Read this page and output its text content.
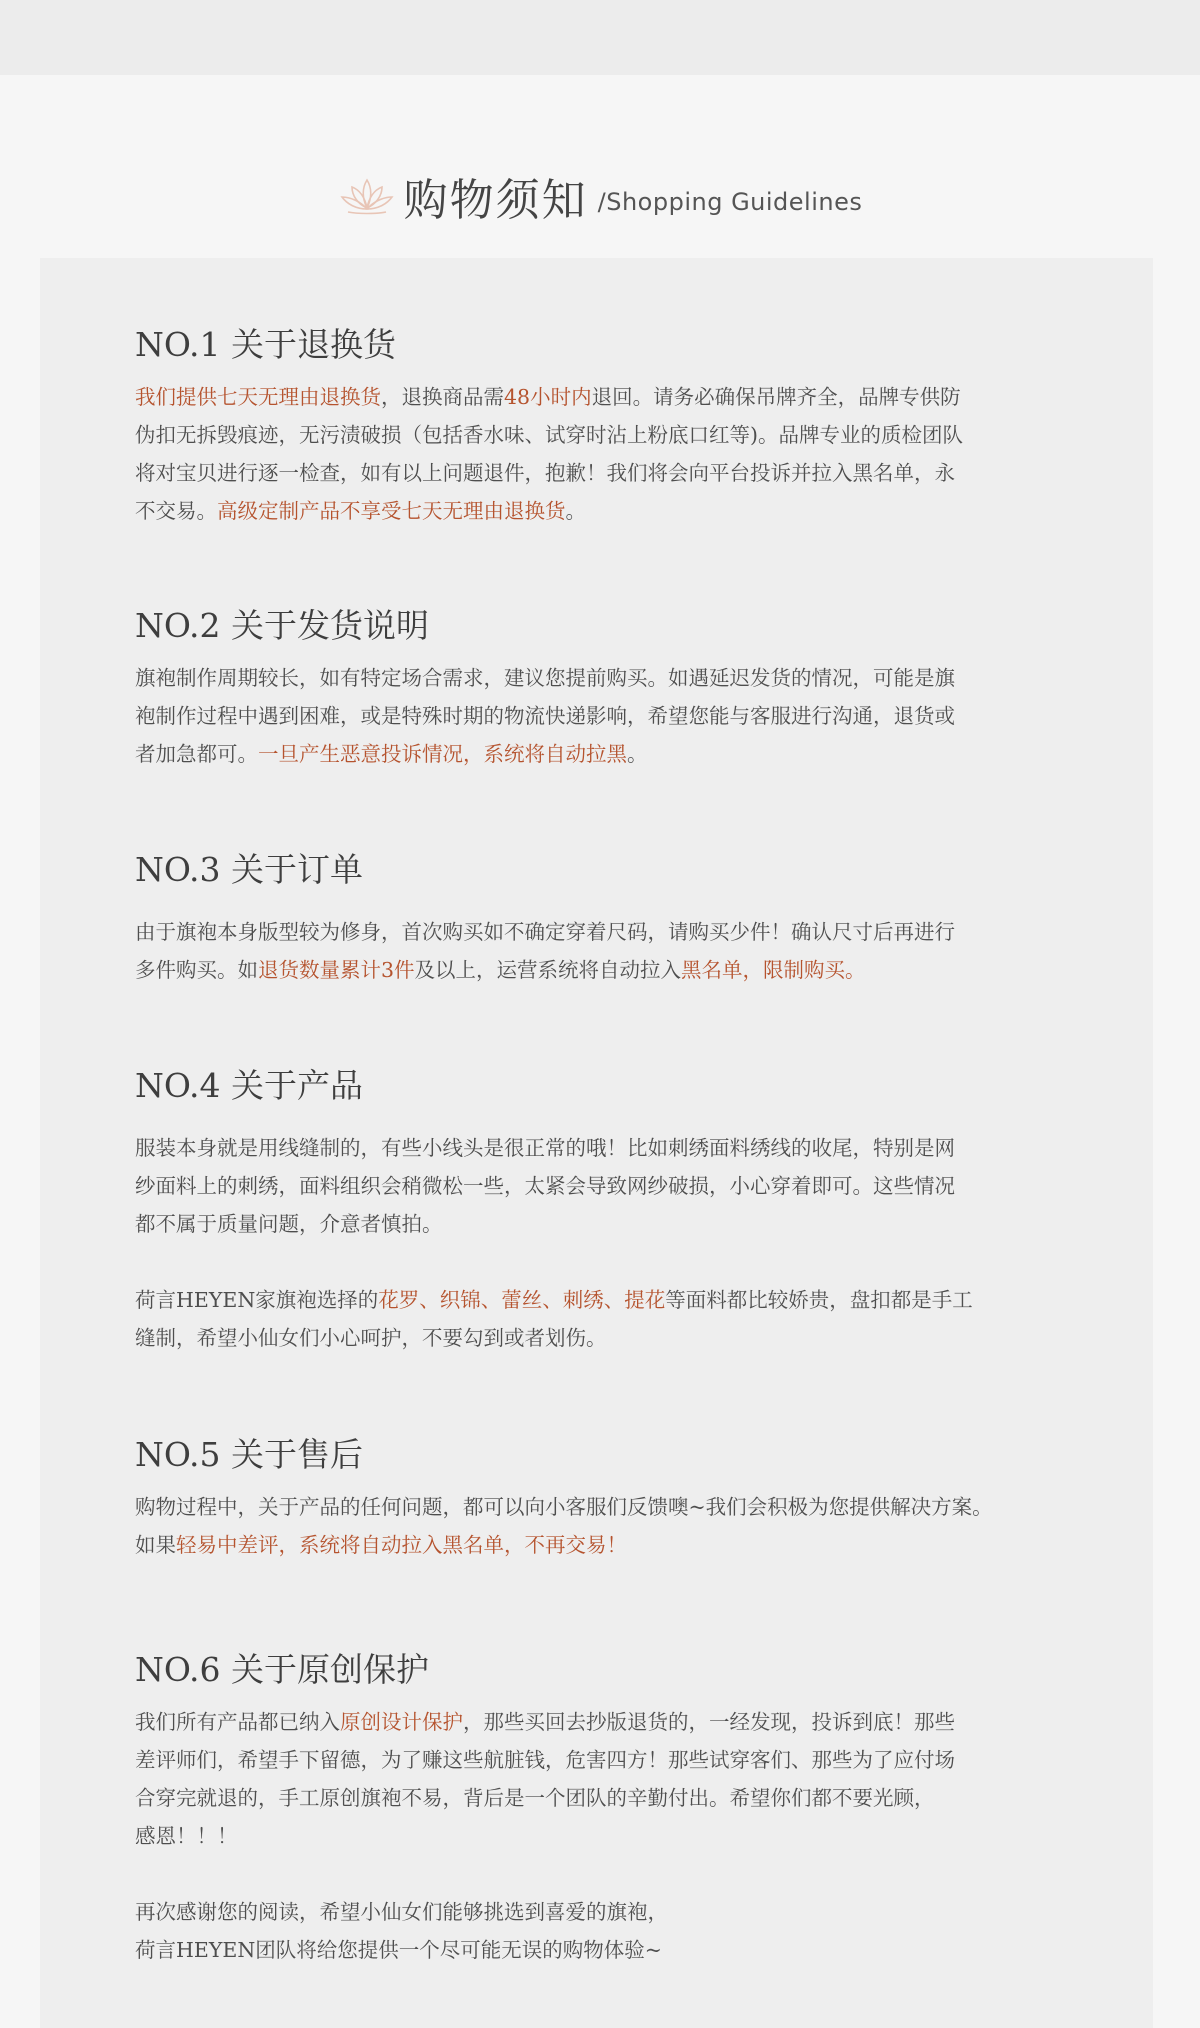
购物须知 /Shopping Guidelines
NO.1 关于退换货
我们提供七天无理由退换货，退换商品需48小时内退回。请务必确保吊牌齐全，品牌专供防
伪扣无拆毁痕迹，无污渍破损（包括香水味、试穿时沾上粉底口红等)。品牌专业的质检团队
将对宝贝进行逐一检查，如有以上问题退件，抱歉！我们将会向平台投诉并拉入黑名单，永
不交易。高级定制产品不享受七天无理由退换货。
NO.2 关于发货说明
旗袍制作周期较长，如有特定场合需求，建议您提前购买。如遇延迟发货的情况，可能是旗
袍制作过程中遇到困难，或是特殊时期的物流快递影响，希望您能与客服进行沟通，退货或
者加急都可。一旦产生恶意投诉情况，系统将自动拉黑。
NO.3 关于订单
由于旗袍本身版型较为修身，首次购买如不确定穿着尺码，请购买少件！确认尺寸后再进行
多件购买。如退货数量累计3件及以上，运营系统将自动拉入黑名单，限制购买。
NO.4 关于产品
服装本身就是用线缝制的，有些小线头是很正常的哦！比如刺绣面料绣线的收尾，特别是网
纱面料上的刺绣，面料组织会稍微松一些，太紧会导致网纱破损，小心穿着即可。这些情况
都不属于质量问题，介意者慎拍。
荷言HEYEN家旗袍选择的花罗、织锦、蕾丝、刺绣、提花等面料都比较娇贵，盘扣都是手工
缝制，希望小仙女们小心呵护，不要勾到或者划伤。
NO.5 关于售后
购物过程中，关于产品的任何问题，都可以向小客服们反馈噢~我们会积极为您提供解决方案。
如果轻易中差评，系统将自动拉入黑名单，不再交易！
NO.6 关于原创保护
我们所有产品都已纳入原创设计保护，那些买回去抄版退货的，一经发现，投诉到底！那些
差评师们，希望手下留德，为了赚这些航脏钱，危害四方！那些试穿客们、那些为了应付场
合穿完就退的，手工原创旗袍不易，背后是一个团队的辛勤付出。希望你们都不要光顾，
感恩！！！
再次感谢您的阅读，希望小仙女们能够挑选到喜爱的旗袍，
荷言HEYEN团队将给您提供一个尽可能无误的购物体验~
